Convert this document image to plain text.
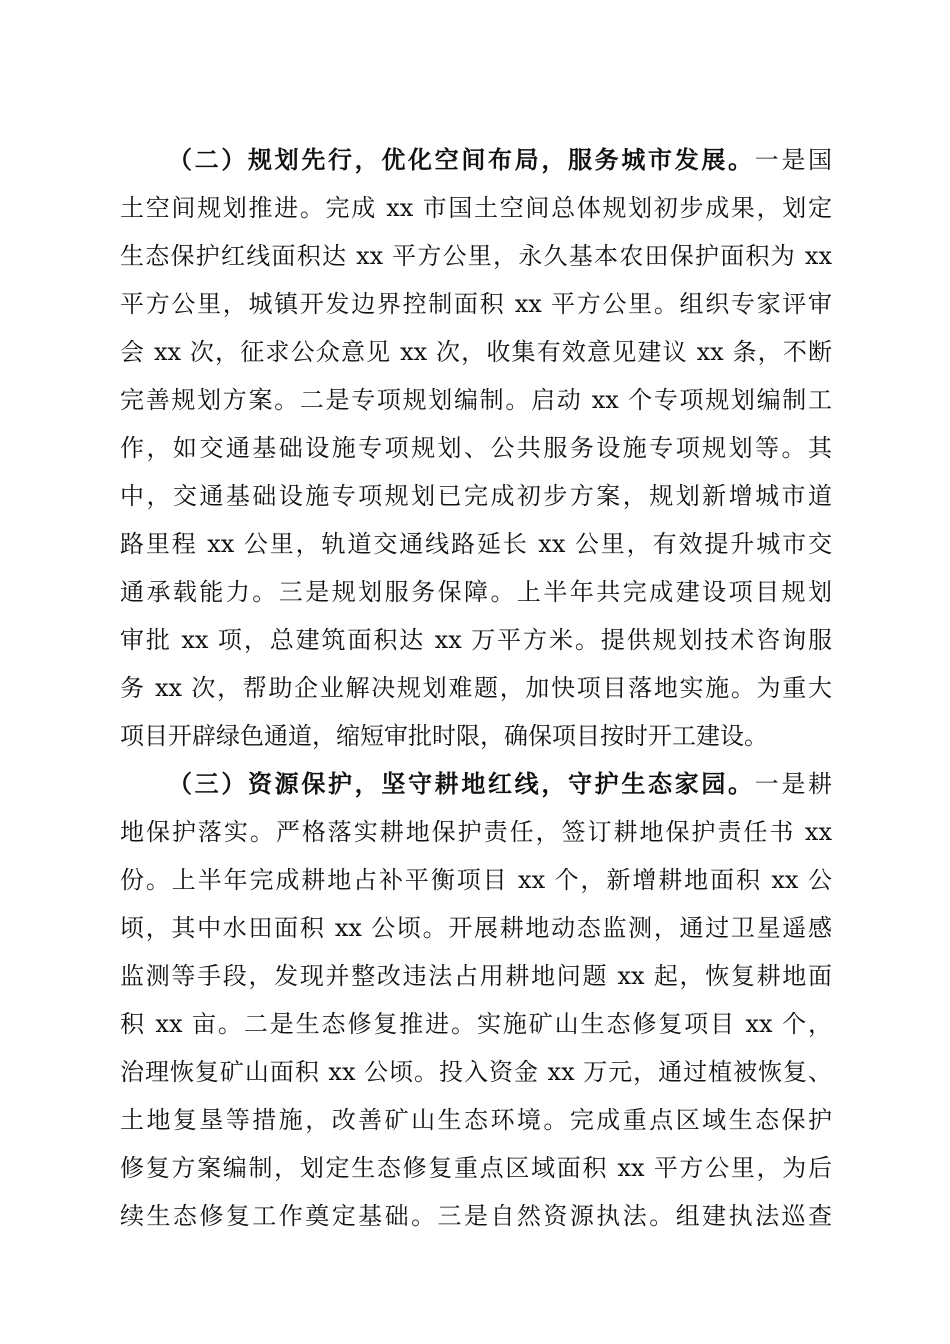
（二）规划先行，优化空间布局，服务城市发展。一是国
土空间规划推进。完成 xx 市国土空间总体规划初步成果，划定
生态保护红线面积达 xx 平方公里，永久基本农田保护面积为 xx
平方公里，城镇开发边界控制面积 xx 平方公里。组织专家评审
会 xx 次，征求公众意见 xx 次，收集有效意见建议 xx 条，不断
完善规划方案。二是专项规划编制。启动 xx 个专项规划编制工
作，如交通基础设施专项规划、公共服务设施专项规划等。其
中，交通基础设施专项规划已完成初步方案，规划新增城市道
路里程 xx 公里，轨道交通线路延长 xx 公里，有效提升城市交
通承载能力。三是规划服务保障。上半年共完成建设项目规划
审批 xx 项，总建筑面积达 xx 万平方米。提供规划技术咨询服
务 xx 次，帮助企业解决规划难题，加快项目落地实施。为重大
项目开辟绿色通道，缩短审批时限，确保项目按时开工建设。
（三）资源保护，坚守耕地红线，守护生态家园。一是耕
地保护落实。严格落实耕地保护责任，签订耕地保护责任书 xx
份。上半年完成耕地占补平衡项目 xx 个，新增耕地面积 xx 公
顷，其中水田面积 xx 公顷。开展耕地动态监测，通过卫星遥感
监测等手段，发现并整改违法占用耕地问题 xx 起，恢复耕地面
积 xx 亩。二是生态修复推进。实施矿山生态修复项目 xx 个，
治理恢复矿山面积 xx 公顷。投入资金 xx 万元，通过植被恢复、
土地复垦等措施，改善矿山生态环境。完成重点区域生态保护
修复方案编制，划定生态修复重点区域面积 xx 平方公里，为后
续生态修复工作奠定基础。三是自然资源执法。组建执法巡查
